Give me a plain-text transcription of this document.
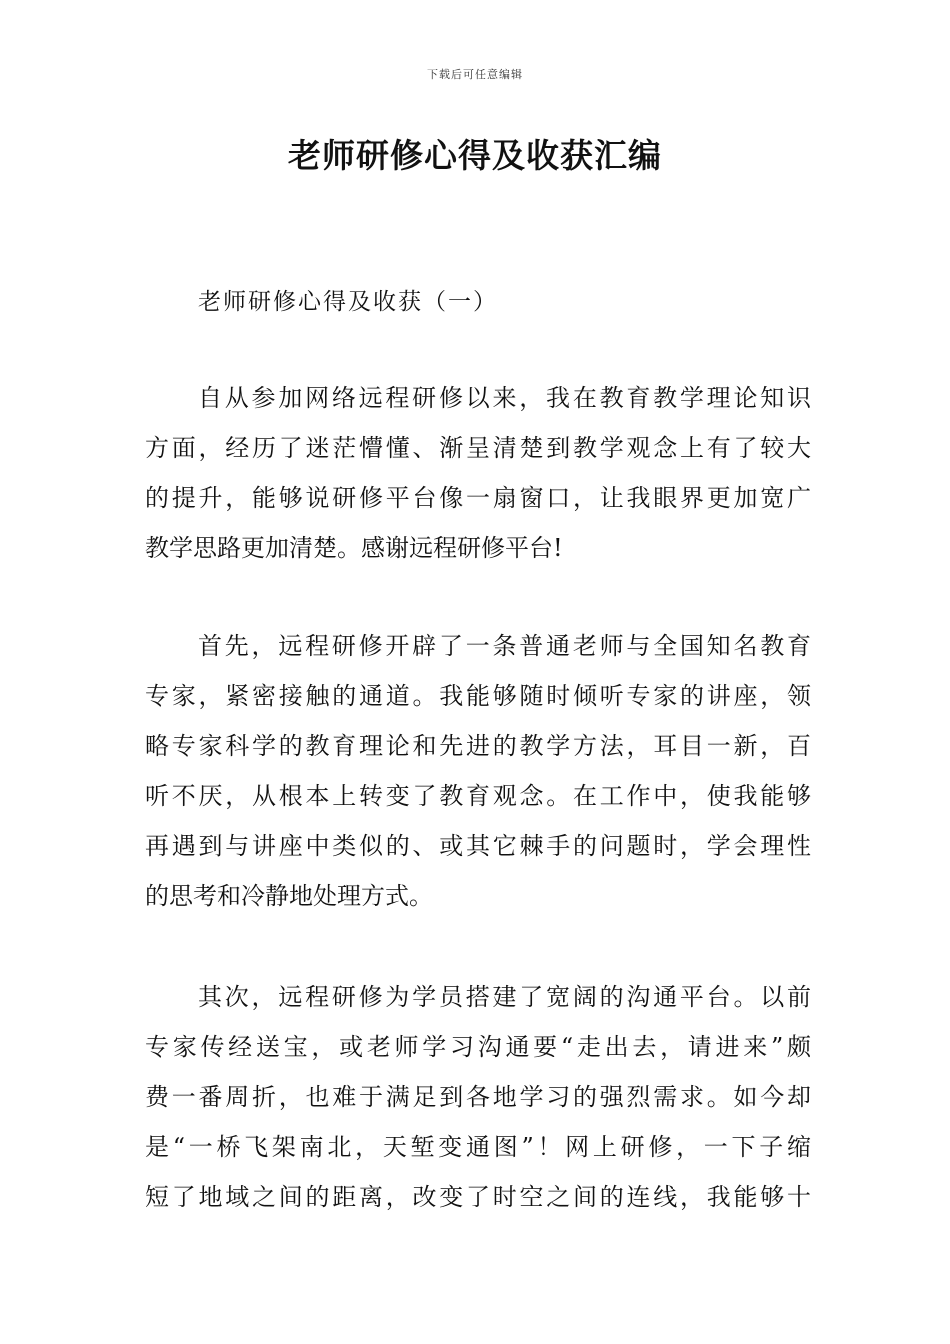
下载后可任意编辑
老师研修心得及收获汇编
老师研修心得及收获（一）
自从参加网络远程研修以来，我在教育教学理论知识
方面，经历了迷茫懵懂、渐呈清楚到教学观念上有了较大
的提升，能够说研修平台像一扇窗口，让我眼界更加宽广
教学思路更加清楚。感谢远程研修平台!
首先，远程研修开辟了一条普通老师与全国知名教育
专家，紧密接触的通道。我能够随时倾听专家的讲座，领
略专家科学的教育理论和先进的教学方法，耳目一新，百
听不厌，从根本上转变了教育观念。在工作中，使我能够
再遇到与讲座中类似的、或其它棘手的问题时，学会理性
的思考和冷静地处理方式。
其次，远程研修为学员搭建了宽阔的沟通平台。以前
专家传经送宝，或老师学习沟通要“走出去，请进来”颇
费一番周折，也难于满足到各地学习的强烈需求。如今却
是“一桥飞架南北，天堑变通图”！网上研修，一下子缩
短了地域之间的距离，改变了时空之间的连线，我能够十
